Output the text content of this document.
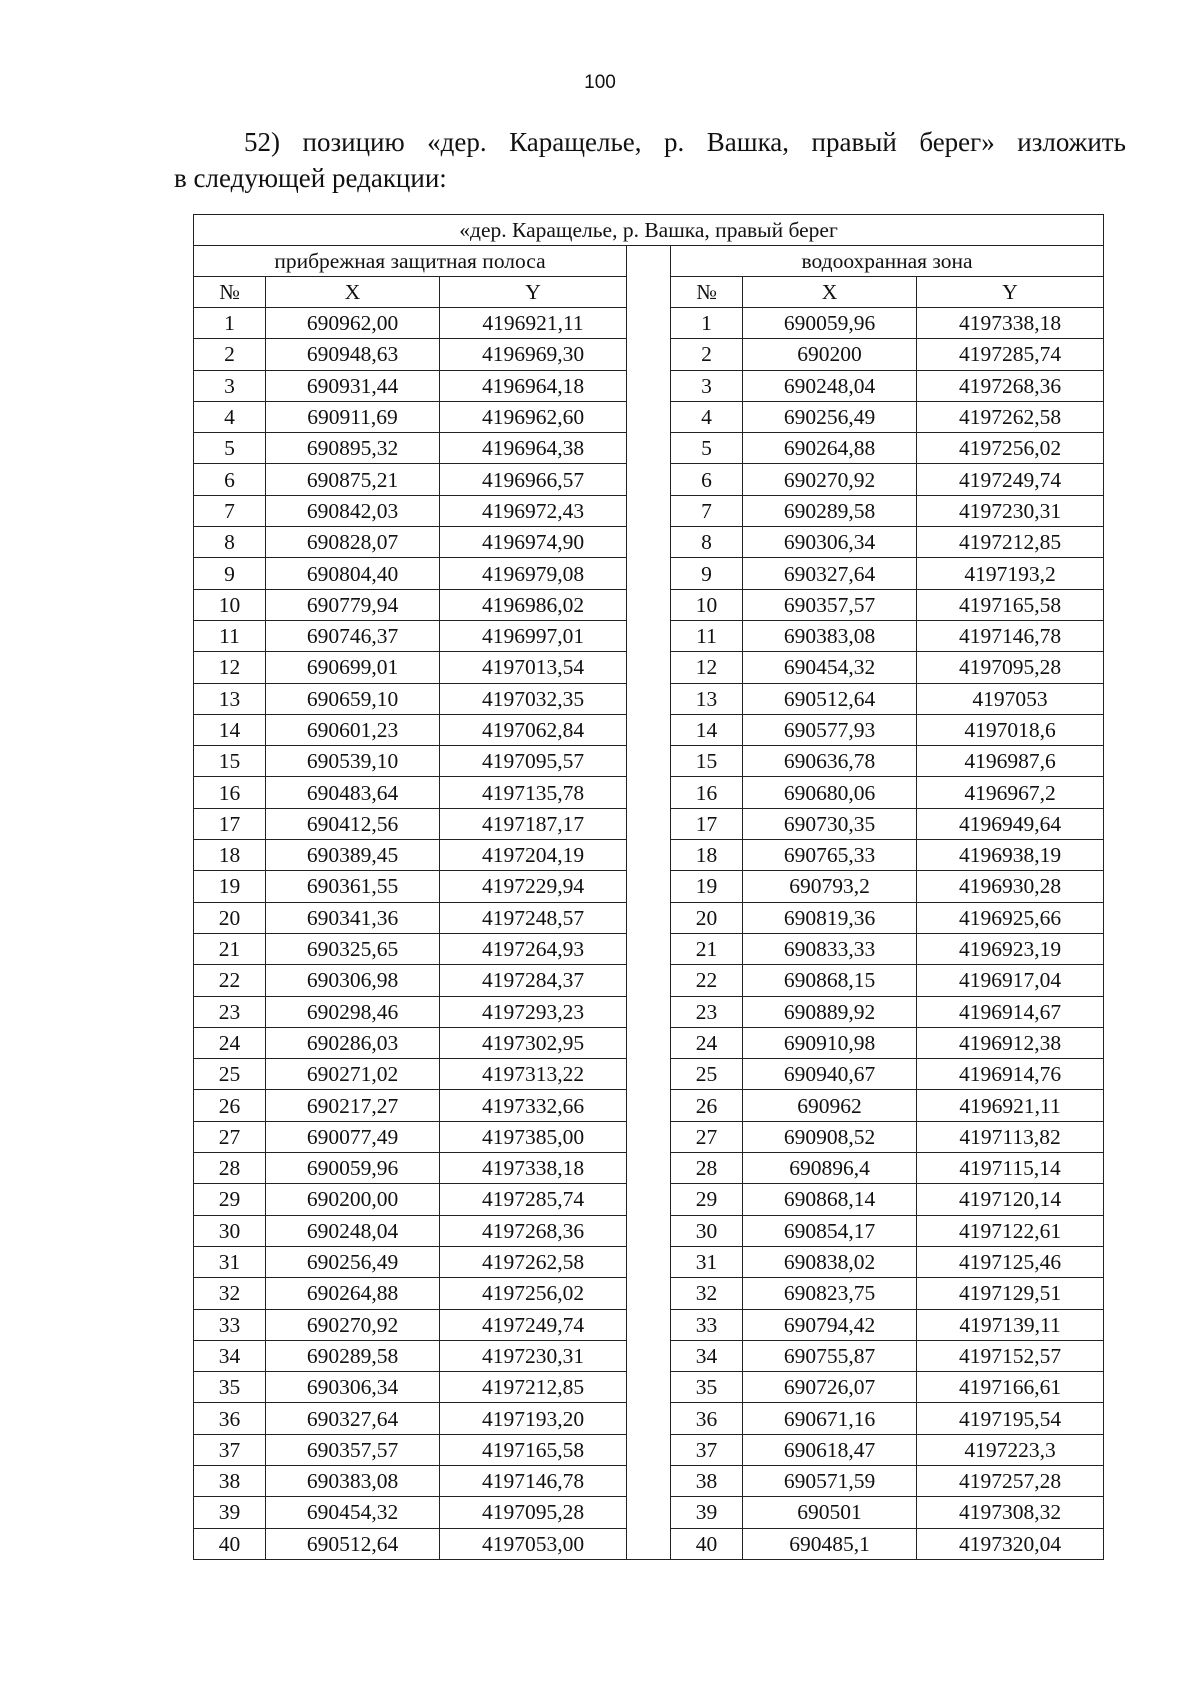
100
52) позицию «дер. Каращелье, р. Вашка, правый берег» изложить
в следующей редакции:
«дер. Каращелье, р. Вашка, правый берег						
прибрежная защитная полоса				водоохранная зона		
№	X	Y		№	X	Y
1	690962,00	4196921,11		1	690059,96	4197338,18
2	690948,63	4196969,30		2	690200	4197285,74
3	690931,44	4196964,18		3	690248,04	4197268,36
4	690911,69	4196962,60		4	690256,49	4197262,58
5	690895,32	4196964,38		5	690264,88	4197256,02
6	690875,21	4196966,57		6	690270,92	4197249,74
7	690842,03	4196972,43		7	690289,58	4197230,31
8	690828,07	4196974,90		8	690306,34	4197212,85
9	690804,40	4196979,08		9	690327,64	4197193,2
10	690779,94	4196986,02		10	690357,57	4197165,58
11	690746,37	4196997,01		11	690383,08	4197146,78
12	690699,01	4197013,54		12	690454,32	4197095,28
13	690659,10	4197032,35		13	690512,64	4197053
14	690601,23	4197062,84		14	690577,93	4197018,6
15	690539,10	4197095,57		15	690636,78	4196987,6
16	690483,64	4197135,78		16	690680,06	4196967,2
17	690412,56	4197187,17		17	690730,35	4196949,64
18	690389,45	4197204,19		18	690765,33	4196938,19
19	690361,55	4197229,94		19	690793,2	4196930,28
20	690341,36	4197248,57		20	690819,36	4196925,66
21	690325,65	4197264,93		21	690833,33	4196923,19
22	690306,98	4197284,37		22	690868,15	4196917,04
23	690298,46	4197293,23		23	690889,92	4196914,67
24	690286,03	4197302,95		24	690910,98	4196912,38
25	690271,02	4197313,22		25	690940,67	4196914,76
26	690217,27	4197332,66		26	690962	4196921,11
27	690077,49	4197385,00		27	690908,52	4197113,82
28	690059,96	4197338,18		28	690896,4	4197115,14
29	690200,00	4197285,74		29	690868,14	4197120,14
30	690248,04	4197268,36		30	690854,17	4197122,61
31	690256,49	4197262,58		31	690838,02	4197125,46
32	690264,88	4197256,02		32	690823,75	4197129,51
33	690270,92	4197249,74		33	690794,42	4197139,11
34	690289,58	4197230,31		34	690755,87	4197152,57
35	690306,34	4197212,85		35	690726,07	4197166,61
36	690327,64	4197193,20		36	690671,16	4197195,54
37	690357,57	4197165,58		37	690618,47	4197223,3
38	690383,08	4197146,78		38	690571,59	4197257,28
39	690454,32	4197095,28		39	690501	4197308,32
40	690512,64	4197053,00		40	690485,1	4197320,04
